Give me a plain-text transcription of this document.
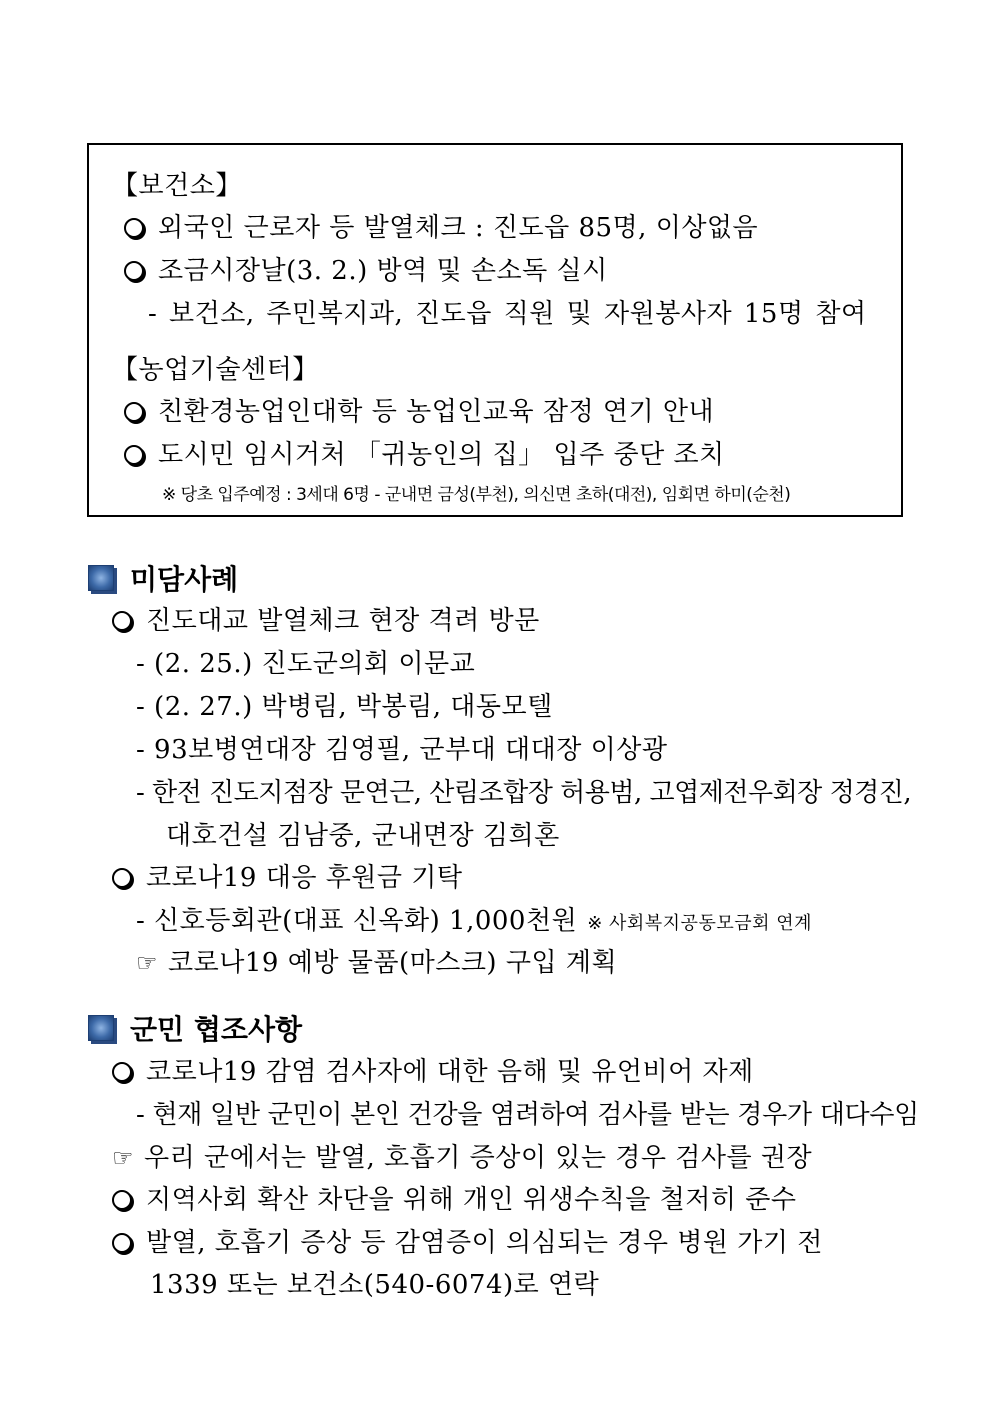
【보건소】
외국인 근로자 등 발열체크 : 진도읍 85명, 이상없음
조금시장날(3. 2.) 방역 및 손소독 실시
- 보건소, 주민복지과, 진도읍 직원 및 자원봉사자 15명 참여
【농업기술센터】
친환경농업인대학 등 농업인교육 잠정 연기 안내
도시민 임시거처 「귀농인의 집」 입주 중단 조치
※ 당초 입주예정 : 3세대 6명 - 군내면 금성(부천), 의신면 초하(대전), 임회면 하미(순천)
미담사례
진도대교 발열체크 현장 격려 방문
- (2. 25.) 진도군의회 이문교
- (2. 27.) 박병림, 박봉림, 대동모텔
- 93보병연대장 김영필, 군부대 대대장 이상광
- 한전 진도지점장 문연근, 산림조합장 허용범, 고엽제전우회장 정경진,
대호건설 김남중, 군내면장 김희혼
코로나19 대응 후원금 기탁
- 신호등회관(대표 신옥화) 1,000천원 ※ 사회복지공동모금회 연계
☞ 코로나19 예방 물품(마스크) 구입 계획
군민 협조사항
코로나19 감염 검사자에 대한 음해 및 유언비어 자제
- 현재 일반 군민이 본인 건강을 염려하여 검사를 받는 경우가 대다수임
☞ 우리 군에서는 발열, 호흡기 증상이 있는 경우 검사를 권장
지역사회 확산 차단을 위해 개인 위생수칙을 철저히 준수
발열, 호흡기 증상 등 감염증이 의심되는 경우 병원 가기 전
1339 또는 보건소(540-6074)로 연락
